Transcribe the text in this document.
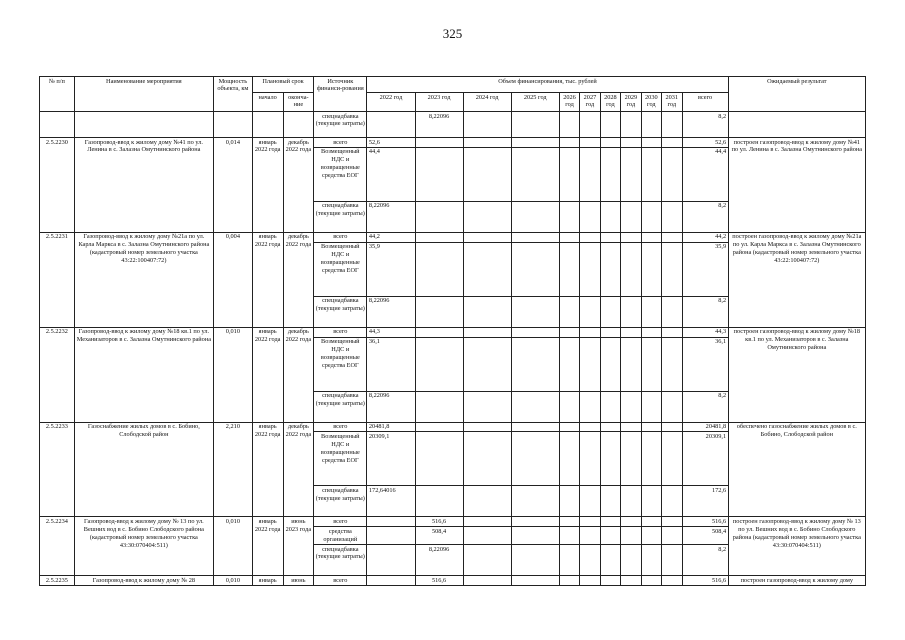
325
№ п/п	Наименование мероприятия	Мощность объекта, км	Плановый срок		Источник финанси-рования	Объем финансирования, тыс. рублей											Ожидаемый результат
			начало	оконча-ние		2022 год	2023 год	2024 год	2025 год	2026 год	2027 год	2028 год	2029 год	2030 год	2031 год	всего	
					спецнадбавка (текущие затраты)		8,22096									8,2	
2.5.2230	Газопровод-ввод к жилому дому №41 по ул. Ленина в с. Залазна Омутнинского района	0,014	январь 2022 года	декабрь 2022 года	всего	52,6										52,6	построен газопровод-ввод к жилому дому №41 по ул. Ленина в с. Залазна Омутнинского района
					Возмещенный НДС и возвращенные средства ЕОГ	44,4										44,4	
					спецнадбавка (текущие затраты)	8,22096										8,2	
2.5.2231	Газопровод-ввод к жилому дому №21а по ул. Карла Маркса в с. Залазна Омутнинского района (кадастровый номер земельного участка 43:22:100407:72)	0,004	январь 2022 года	декабрь 2022 года	всего	44,2										44,2	построен газопровод-ввод к жилому дому №21а по ул. Карла Маркса в с. Залазна Омутнинского района (кадастровый номер земельного участка 43:22:100407:72)
					Возмещенный НДС и возвращенные средства ЕОГ	35,9										35,9	
					спецнадбавка (текущие затраты)	8,22096										8,2	
2.5.2232	Газопровод-ввод к жилому дому №18 кв.1 по ул. Механизаторов в с. Залазна Омутнинского района	0,010	январь 2022 года	декабрь 2022 года	всего	44,3										44,3	построен газопровод-ввод к жилому дому №18 кв.1 по ул. Механизаторов в с. Залазна Омутнинского района
					Возмещенный НДС и возвращенные средства ЕОГ	36,1										36,1	
					спецнадбавка (текущие затраты)	8,22096										8,2	
2.5.2233	Газоснабжение жилых домов в с. Бобино, Слободской район	2,210	январь 2022 года	декабрь 2022 года	всего	20481,8										20481,8	обеспечено газоснабжение жилых домов в с. Бобино, Слободской район
					Возмещенный НДС и возвращенные средства ЕОГ	20309,1										20309,1	
					спецнадбавка (текущие затраты)	172,64016										172,6	
2.5.2234	Газопровод-ввод к жилому дому № 13 по ул. Вешних вод в с. Бобино Слободского района (кадастровый номер земельного участка 43:30:070404:511)	0,010	январь 2022 года	июнь 2023 года	всего		516,6									516,6	построен газопровод-ввод к жилому дому № 13 по ул. Вешних вод в с. Бобино Слободского района (кадастровый номер земельного участка 43:30:070404:511)
					средства организаций		508,4									508,4	
					спецнадбавка (текущие затраты)		8,22096									8,2	
2.5.2235	Газопровод-ввод к жилому дому № 28	0,010	январь	июнь	всего		516,6									516,6	построен газопровод-ввод к жилому дому
